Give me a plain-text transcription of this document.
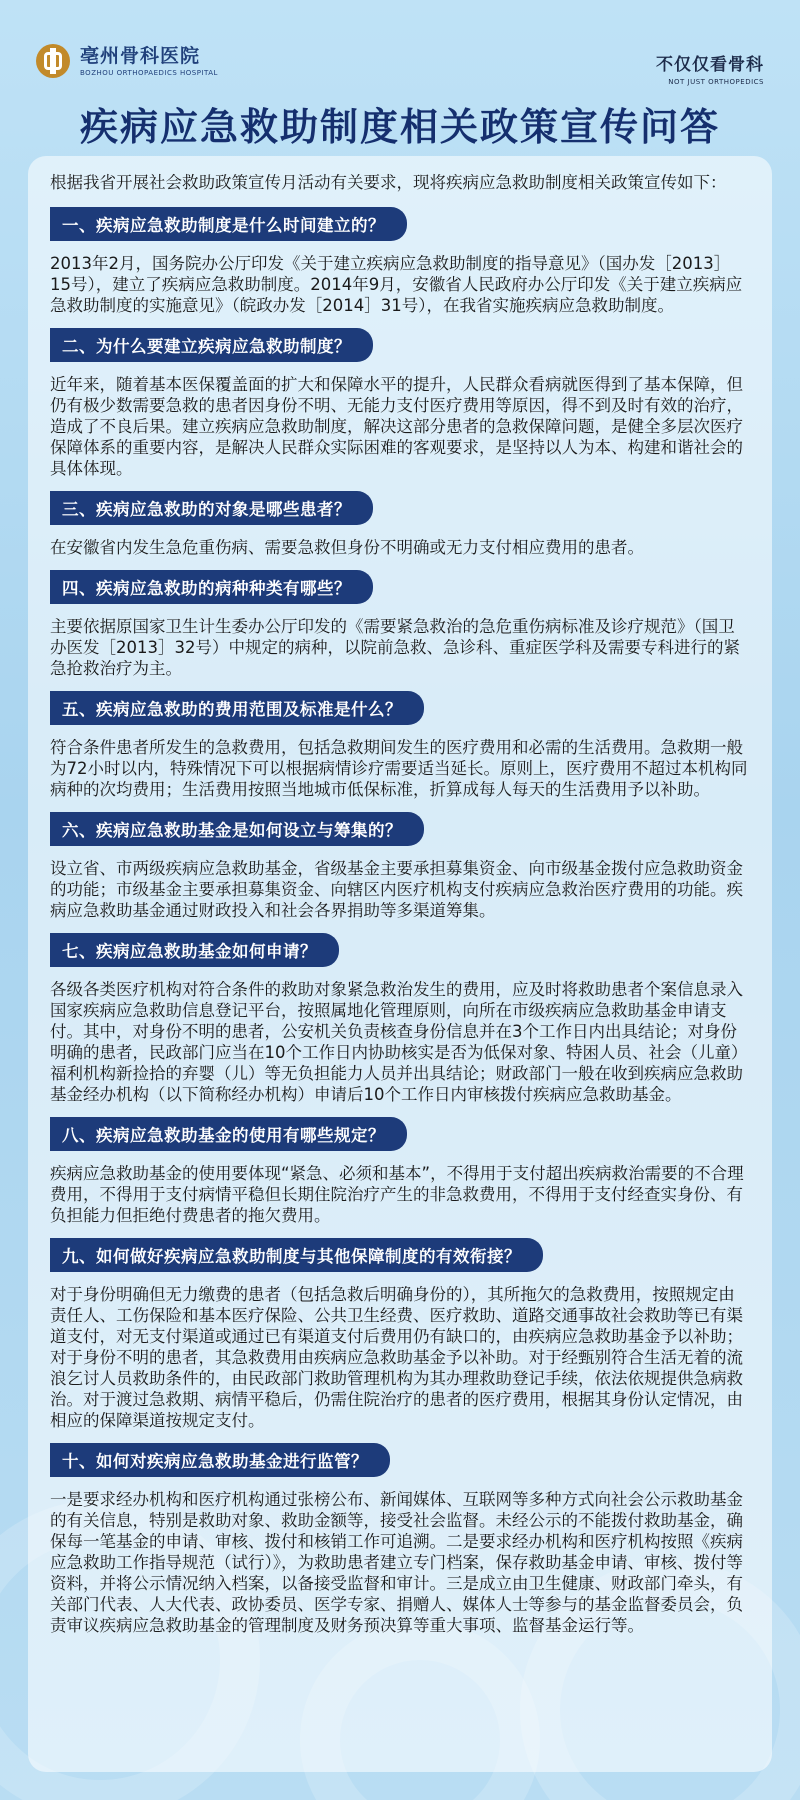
亳州骨科医院
BOZHOU ORTHOPAEDICS HOSPITAL	不仅仅看骨科
NOT JUST ORTHOPEDICS
疾病应急救助制度相关政策宣传问答

根据我省开展社会救助政策宣传月活动有关要求，现将疾病应急救助制度相关政策宣传如下：

一、疾病应急救助制度是什么时间建立的？

2013年2月，国务院办公厅印发《关于建立疾病应急救助制度的指导意见》（国办发［2013］15号），建立了疾病应急救助制度。2014年9月，安徽省人民政府办公厅印发《关于建立疾病应急救助制度的实施意见》（皖政办发［2014］31号），在我省实施疾病应急救助制度。

二、为什么要建立疾病应急救助制度？

近年来，随着基本医保覆盖面的扩大和保障水平的提升，人民群众看病就医得到了基本保障，但仍有极少数需要急救的患者因身份不明、无能力支付医疗费用等原因，得不到及时有效的治疗，造成了不良后果。建立疾病应急救助制度，解决这部分患者的急救保障问题，是健全多层次医疗保障体系的重要内容，是解决人民群众实际困难的客观要求，是坚持以人为本、构建和谐社会的具体体现。

三、疾病应急救助的对象是哪些患者？

在安徽省内发生急危重伤病、需要急救但身份不明确或无力支付相应费用的患者。

四、疾病应急救助的病种种类有哪些？

主要依据原国家卫生计生委办公厅印发的《需要紧急救治的急危重伤病标准及诊疗规范》（国卫办医发［2013］32号）中规定的病种，以院前急救、急诊科、重症医学科及需要专科进行的紧急抢救治疗为主。

五、疾病应急救助的费用范围及标准是什么？

符合条件患者所发生的急救费用，包括急救期间发生的医疗费用和必需的生活费用。急救期一般为72小时以内，特殊情况下可以根据病情诊疗需要适当延长。原则上，医疗费用不超过本机构同病种的次均费用；生活费用按照当地城市低保标准，折算成每人每天的生活费用予以补助。

六、疾病应急救助基金是如何设立与筹集的？

设立省、市两级疾病应急救助基金，省级基金主要承担募集资金、向市级基金拨付应急救助资金的功能；市级基金主要承担募集资金、向辖区内医疗机构支付疾病应急救治医疗费用的功能。疾病应急救助基金通过财政投入和社会各界捐助等多渠道筹集。

七、疾病应急救助基金如何申请？

各级各类医疗机构对符合条件的救助对象紧急救治发生的费用，应及时将救助患者个案信息录入国家疾病应急救助信息登记平台，按照属地化管理原则，向所在市级疾病应急救助基金申请支付。其中，对身份不明的患者，公安机关负责核查身份信息并在3个工作日内出具结论；对身份明确的患者，民政部门应当在10个工作日内协助核实是否为低保对象、特困人员、社会（儿童）福利机构新捡拾的弃婴（儿）等无负担能力人员并出具结论；财政部门一般在收到疾病应急救助基金经办机构（以下简称经办机构）申请后10个工作日内审核拨付疾病应急救助基金。

八、疾病应急救助基金的使用有哪些规定？

疾病应急救助基金的使用要体现“紧急、必须和基本”，不得用于支付超出疾病救治需要的不合理费用，不得用于支付病情平稳但长期住院治疗产生的非急救费用，不得用于支付经查实身份、有负担能力但拒绝付费患者的拖欠费用。

九、如何做好疾病应急救助制度与其他保障制度的有效衔接？

对于身份明确但无力缴费的患者（包括急救后明确身份的），其所拖欠的急救费用，按照规定由责任人、工伤保险和基本医疗保险、公共卫生经费、医疗救助、道路交通事故社会救助等已有渠道支付，对无支付渠道或通过已有渠道支付后费用仍有缺口的，由疾病应急救助基金予以补助；对于身份不明的患者，其急救费用由疾病应急救助基金予以补助。对于经甄别符合生活无着的流浪乞讨人员救助条件的，由民政部门救助管理机构为其办理救助登记手续，依法依规提供急病救治。对于渡过急救期、病情平稳后，仍需住院治疗的患者的医疗费用，根据其身份认定情况，由相应的保障渠道按规定支付。

十、如何对疾病应急救助基金进行监管？

一是要求经办机构和医疗机构通过张榜公布、新闻媒体、互联网等多种方式向社会公示救助基金的有关信息，特别是救助对象、救助金额等，接受社会监督。未经公示的不能拨付救助基金，确保每一笔基金的申请、审核、拨付和核销工作可追溯。二是要求经办机构和医疗机构按照《疾病应急救助工作指导规范（试行）》，为救助患者建立专门档案，保存救助基金申请、审核、拨付等资料，并将公示情况纳入档案，以备接受监督和审计。三是成立由卫生健康、财政部门牵头，有关部门代表、人大代表、政协委员、医学专家、捐赠人、媒体人士等参与的基金监督委员会，负责审议疾病应急救助基金的管理制度及财务预决算等重大事项、监督基金运行等。
